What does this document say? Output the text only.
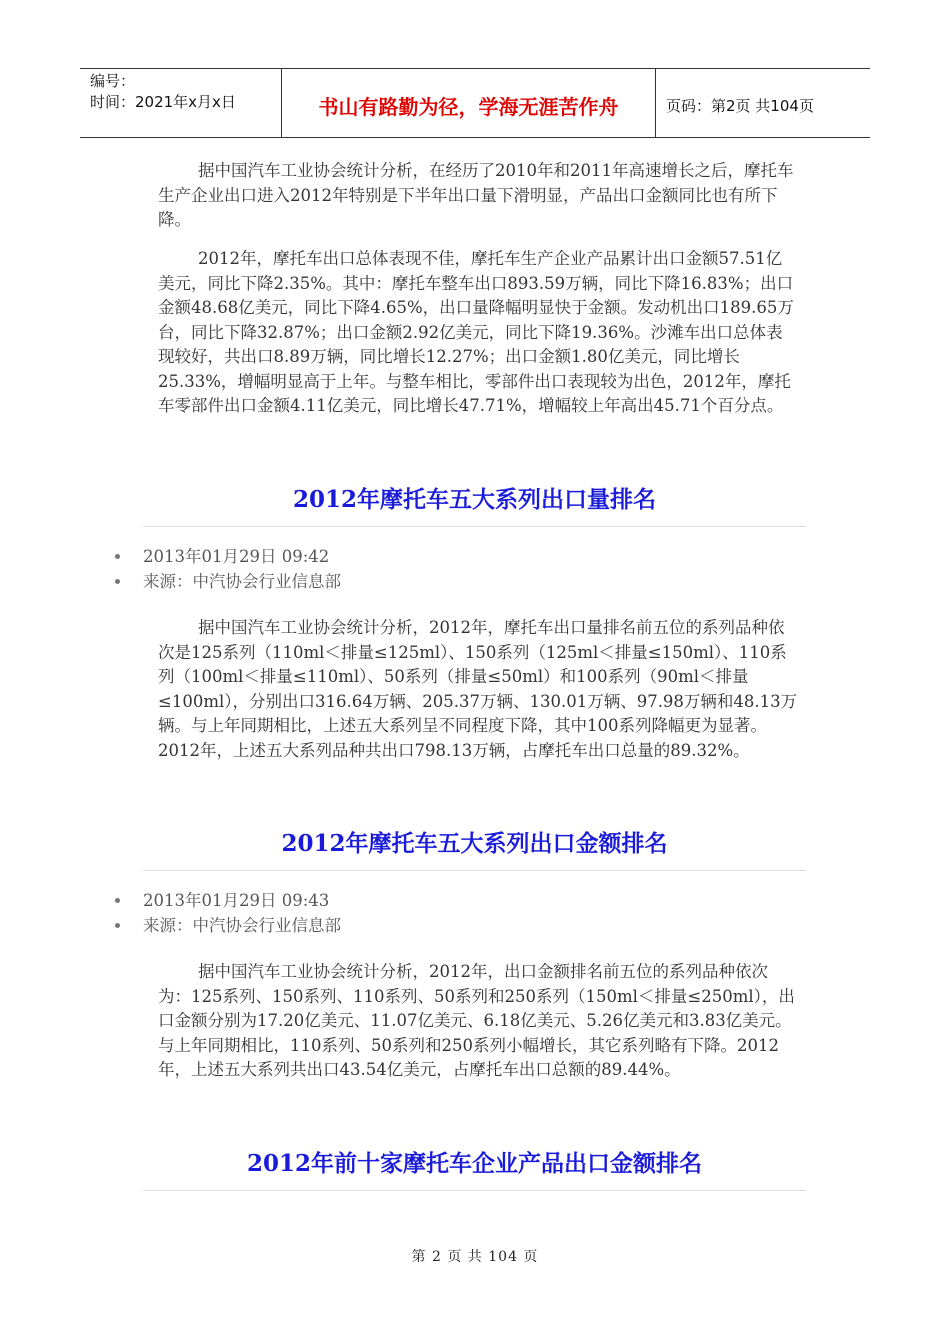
编号：
时间：2021年x月x日	书山有路勤为径，学海无涯苦作舟	页码：第2页 共104页

据中国汽车工业协会统计分析，在经历了2010年和2011年高速增长之后，摩托车生产企业出口进入2012年特别是下半年出口量下滑明显，产品出口金额同比也有所下降。

2012年，摩托车出口总体表现不佳，摩托车生产企业产品累计出口金额57.51亿美元，同比下降2.35%。其中：摩托车整车出口893.59万辆，同比下降16.83%；出口金额48.68亿美元，同比下降4.65%，出口量降幅明显快于金额。发动机出口189.65万台，同比下降32.87%；出口金额2.92亿美元，同比下降19.36%。沙滩车出口总体表现较好，共出口8.89万辆，同比增长12.27%；出口金额1.80亿美元，同比增长25.33%，增幅明显高于上年。与整车相比，零部件出口表现较为出色，2012年，摩托车零部件出口金额4.11亿美元，同比增长47.71%，增幅较上年高出45.71个百分点。

2012年摩托车五大系列出口量排名
2013年01月29日 09:42
来源：中汽协会行业信息部

据中国汽车工业协会统计分析，2012年，摩托车出口量排名前五位的系列品种依次是125系列（110ml＜排量≤125ml）、150系列（125ml＜排量≤150ml）、110系列（100ml＜排量≤110ml）、50系列（排量≤50ml）和100系列（90ml＜排量≤100ml），分别出口316.64万辆、205.37万辆、130.01万辆、97.98万辆和48.13万辆。与上年同期相比，上述五大系列呈不同程度下降，其中100系列降幅更为显著。2012年，上述五大系列品种共出口798.13万辆，占摩托车出口总量的89.32%。

2012年摩托车五大系列出口金额排名
2013年01月29日 09:43
来源：中汽协会行业信息部

据中国汽车工业协会统计分析，2012年，出口金额排名前五位的系列品种依次为：125系列、150系列、110系列、50系列和250系列（150ml＜排量≤250ml），出口金额分别为17.20亿美元、11.07亿美元、6.18亿美元、5.26亿美元和3.83亿美元。与上年同期相比，110系列、50系列和250系列小幅增长，其它系列略有下降。2012年，上述五大系列共出口43.54亿美元，占摩托车出口总额的89.44%。

2012年前十家摩托车企业产品出口金额排名
第 2 页 共 104 页
